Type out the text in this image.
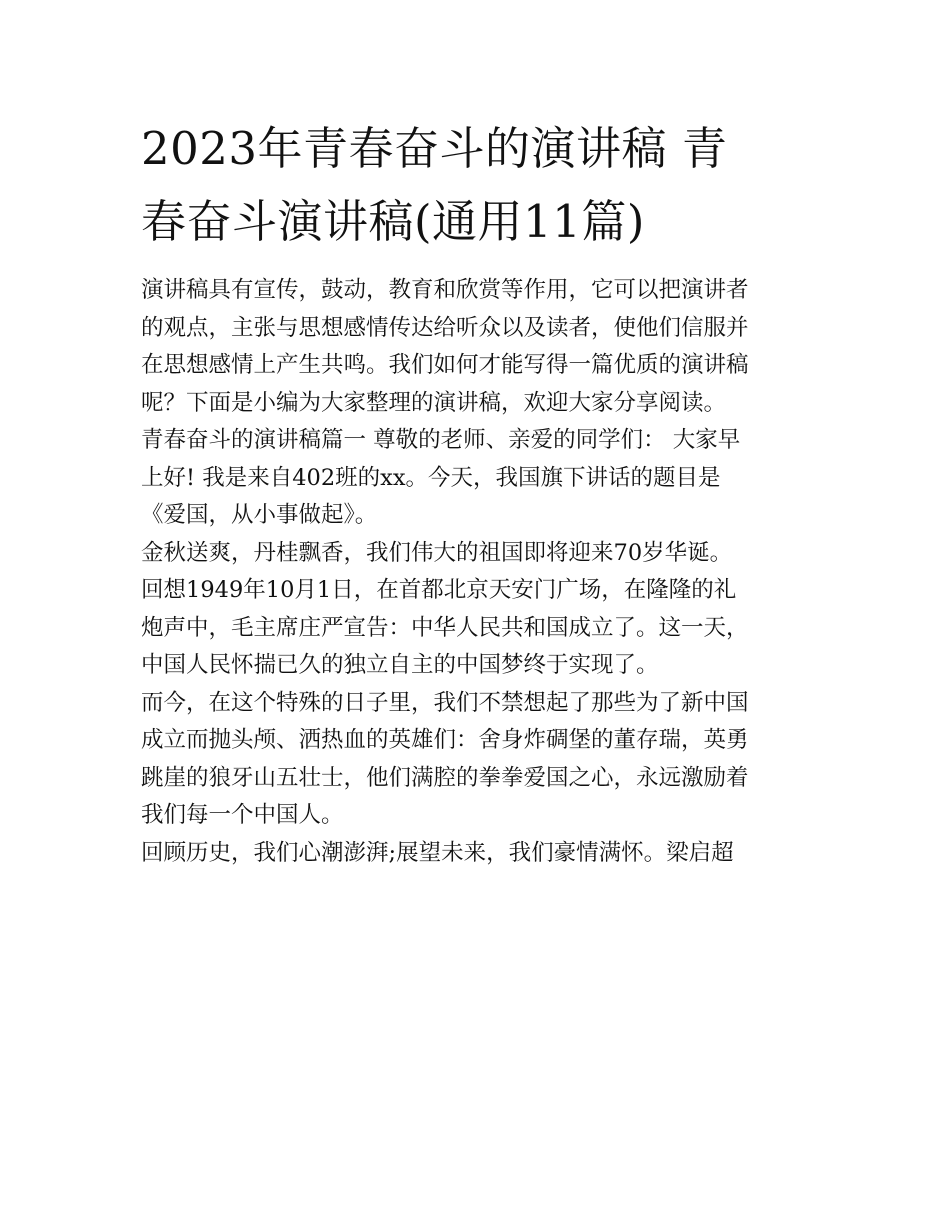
2023年青春奋斗的演讲稿 青
春奋斗演讲稿(通用11篇)

演讲稿具有宣传，鼓动，教育和欣赏等作用，它可以把演讲者

的观点，主张与思想感情传达给听众以及读者，使他们信服并

在思想感情上产生共鸣。我们如何才能写得一篇优质的演讲稿

呢？下面是小编为大家整理的演讲稿，欢迎大家分享阅读。

青春奋斗的演讲稿篇一 尊敬的老师、亲爱的同学们： 大家早

上好! 我是来自402班的xx。今天，我国旗下讲话的题目是

《爱国，从小事做起》。

金秋送爽，丹桂飘香，我们伟大的祖国即将迎来70岁华诞。

回想1949年10月1日，在首都北京天安门广场，在隆隆的礼

炮声中，毛主席庄严宣告：中华人民共和国成立了。这一天，

中国人民怀揣已久的独立自主的中国梦终于实现了。

而今，在这个特殊的日子里，我们不禁想起了那些为了新中国

成立而抛头颅、洒热血的英雄们：舍身炸碉堡的董存瑞，英勇

跳崖的狼牙山五壮士，他们满腔的拳拳爱国之心，永远激励着

我们每一个中国人。

回顾历史，我们心潮澎湃;展望未来，我们豪情满怀。梁启超
